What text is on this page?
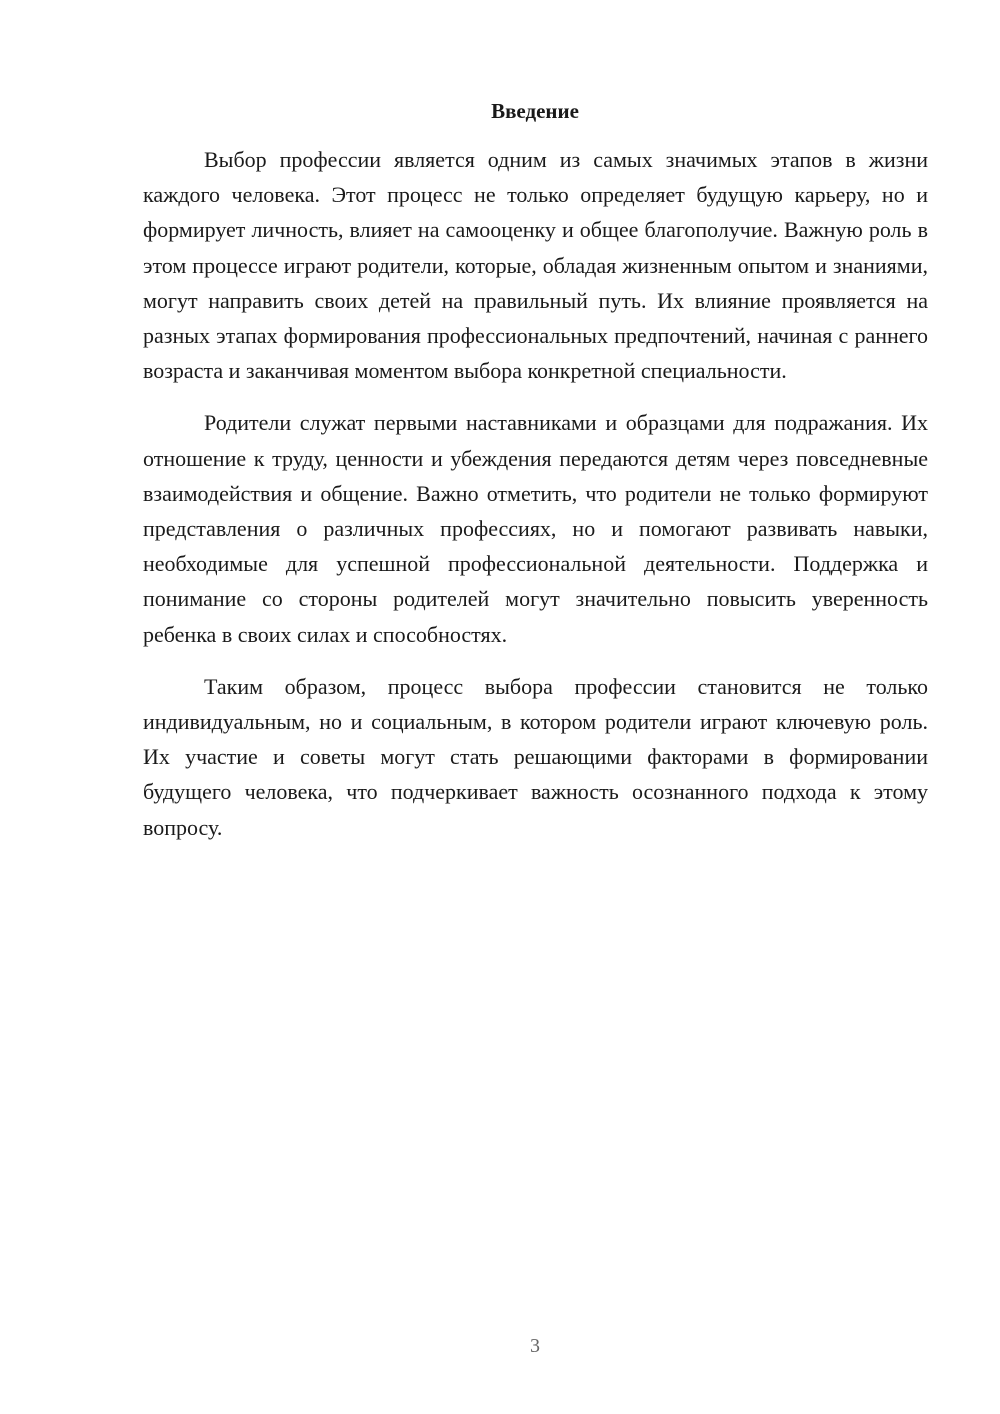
Введение

Выбор профессии является одним из самых значимых этапов в жизни каждого человека. Этот процесс не только определяет будущую карьеру, но и формирует личность, влияет на самооценку и общее благополучие. Важную роль в этом процессе играют родители, которые, обладая жизненным опытом и знаниями, могут направить своих детей на правильный путь. Их влияние проявляется на разных этапах формирования профессиональных предпочтений, начиная с раннего возраста и заканчивая моментом выбора конкретной специальности.

Родители служат первыми наставниками и образцами для подражания. Их отношение к труду, ценности и убеждения передаются детям через повседневные взаимодействия и общение. Важно отметить, что родители не только формируют представления о различных профессиях, но и помогают развивать навыки, необходимые для успешной профессиональной деятельности. Поддержка и понимание со стороны родителей могут значительно повысить уверенность ребенка в своих силах и способностях.

Таким образом, процесс выбора профессии становится не только индивидуальным, но и социальным, в котором родители играют ключевую роль. Их участие и советы могут стать решающими факторами в формировании будущего человека, что подчеркивает важность осознанного подхода к этому вопросу.

3
